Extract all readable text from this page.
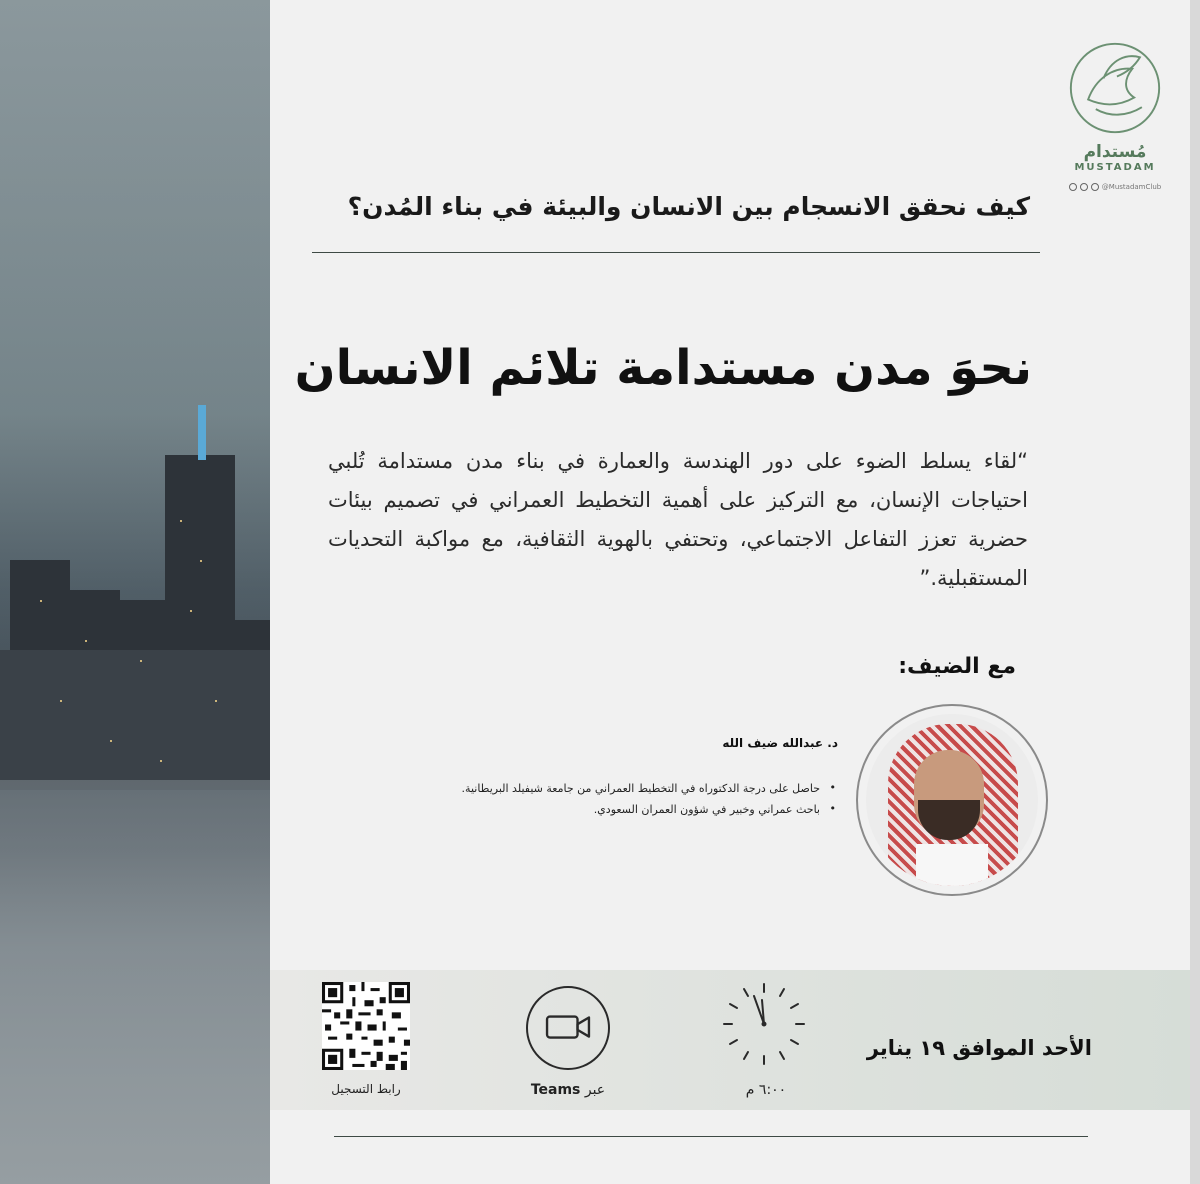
مُستدام
MUSTADAM
@MustadamClub
كيف نحقق الانسجام بين الانسان والبيئة في بناء المُدن؟
نحوَ مدن مستدامة تلائم الانسان
“لقاء يسلط الضوء على دور الهندسة والعمارة في بناء مدن مستدامة تُلبي احتياجات الإنسان، مع التركيز على أهمية التخطيط العمراني في تصميم بيئات حضرية تعزز التفاعل الاجتماعي، وتحتفي بالهوية الثقافية، مع مواكبة التحديات المستقبلية.”
مع الضيف:
د. عبدالله ضيف الله
• حاصل على درجة الدكتوراه في التخطيط العمراني من جامعة شيفيلد البريطانية.
• باحث عمراني وخبير في شؤون العمران السعودي.
الأحد الموافق ١٩ يناير
٦:٠٠ م
عبر Teams
رابط التسجيل
